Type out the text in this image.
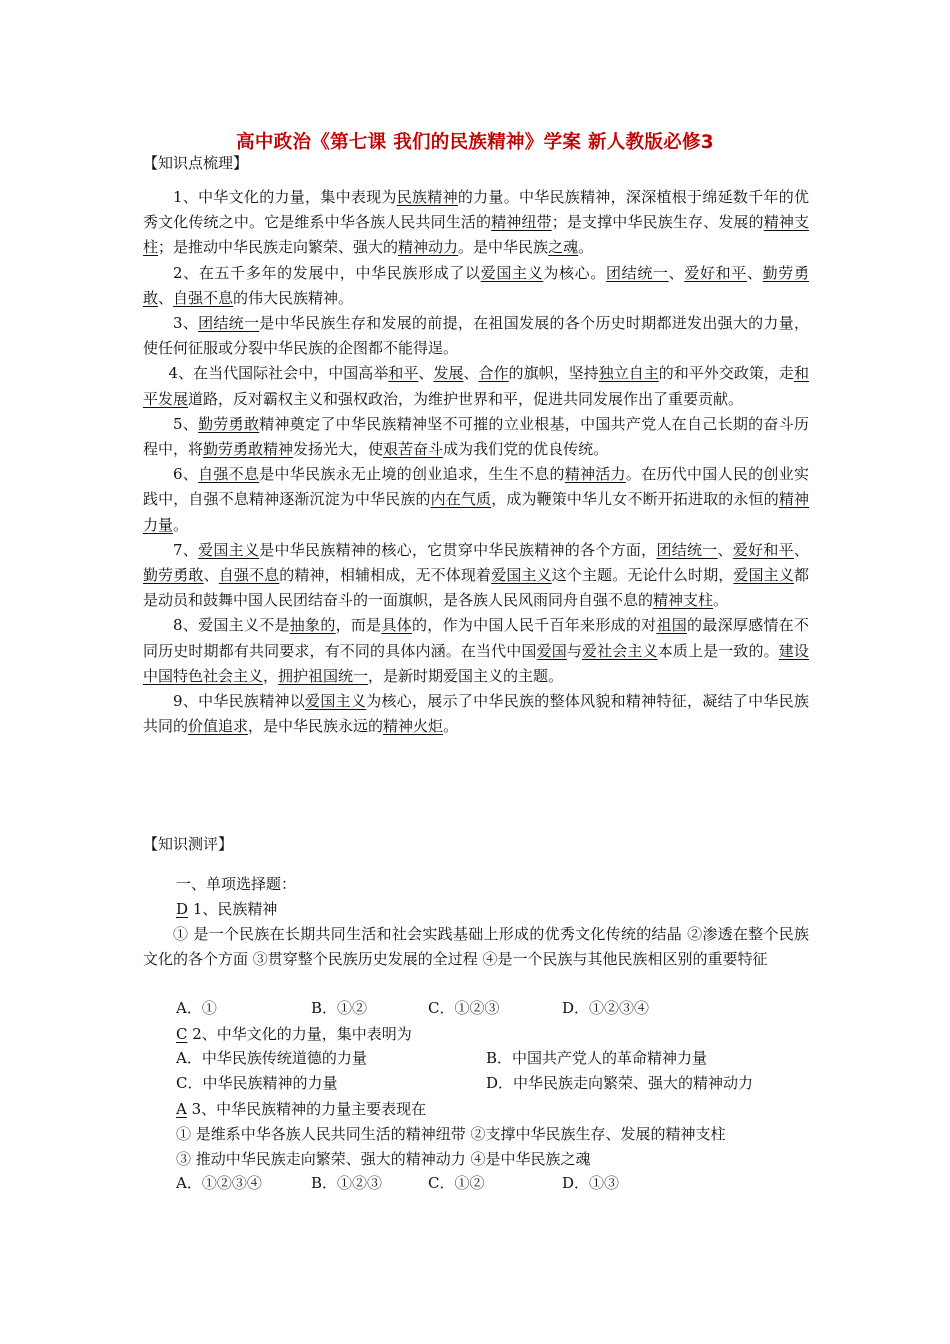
高中政治《第七课 我们的民族精神》学案 新人教版必修3
【知识点梳理】

1、中华文化的力量，集中表现为民族精神的力量。中华民族精神，深深植根于绵延数千年的优秀文化传统之中。它是维系中华各族人民共同生活的精神纽带；是支撑中华民族生存、发展的精神支柱；是推动中华民族走向繁荣、强大的精神动力。是中华民族之魂。

2、在五千多年的发展中，中华民族形成了以爱国主义为核心。团结统一、爱好和平、勤劳勇敢、自强不息的伟大民族精神。

3、团结统一是中华民族生存和发展的前提，在祖国发展的各个历史时期都迸发出强大的力量，使任何征服或分裂中华民族的企图都不能得逞。

4、在当代国际社会中，中国高举和平、发展、合作的旗帜，坚持独立自主的和平外交政策，走和平发展道路，反对霸权主义和强权政治，为维护世界和平，促进共同发展作出了重要贡献。

5、勤劳勇敢精神奠定了中华民族精神坚不可摧的立业根基，中国共产党人在自己长期的奋斗历程中，将勤劳勇敢精神发扬光大，使艰苦奋斗成为我们党的优良传统。

6、自强不息是中华民族永无止境的创业追求，生生不息的精神活力。在历代中国人民的创业实践中，自强不息精神逐渐沉淀为中华民族的内在气质，成为鞭策中华儿女不断开拓进取的永恒的精神力量。

7、爱国主义是中华民族精神的核心，它贯穿中华民族精神的各个方面，团结统一、爱好和平、勤劳勇敢、自强不息的精神，相辅相成，无不体现着爱国主义这个主题。无论什么时期，爱国主义都是动员和鼓舞中国人民团结奋斗的一面旗帜，是各族人民风雨同舟自强不息的精神支柱。

8、爱国主义不是抽象的，而是具体的，作为中国人民千百年来形成的对祖国的最深厚感情在不同历史时期都有共同要求，有不同的具体内涵。在当代中国爱国与爱社会主义本质上是一致的。建设中国特色社会主义，拥护祖国统一，是新时期爱国主义的主题。

9、中华民族精神以爱国主义为核心，展示了中华民族的整体风貌和精神特征，凝结了中华民族共同的价值追求，是中华民族永远的精神火炬。

【知识测评】
一、单项选择题：
D 1、民族精神
① 是一个民族在长期共同生活和社会实践基础上形成的优秀文化传统的结晶 ②渗透在整个民族文化的各个方面 ③贯穿整个民族历史发展的全过程 ④是一个民族与其他民族相区别的重要特征
A．①	B．①②	C．①②③	D．①②③④
C 2、中华文化的力量，集中表明为
A．中华民族传统道德的力量	B．中国共产党人的革命精神力量
C．中华民族精神的力量	D．中华民族走向繁荣、强大的精神动力
A 3、中华民族精神的力量主要表现在
① 是维系中华各族人民共同生活的精神纽带 ②支撑中华民族生存、发展的精神支柱
③ 推动中华民族走向繁荣、强大的精神动力 ④是中华民族之魂
A．①②③④	B．①②③	C．①②	D．①③
